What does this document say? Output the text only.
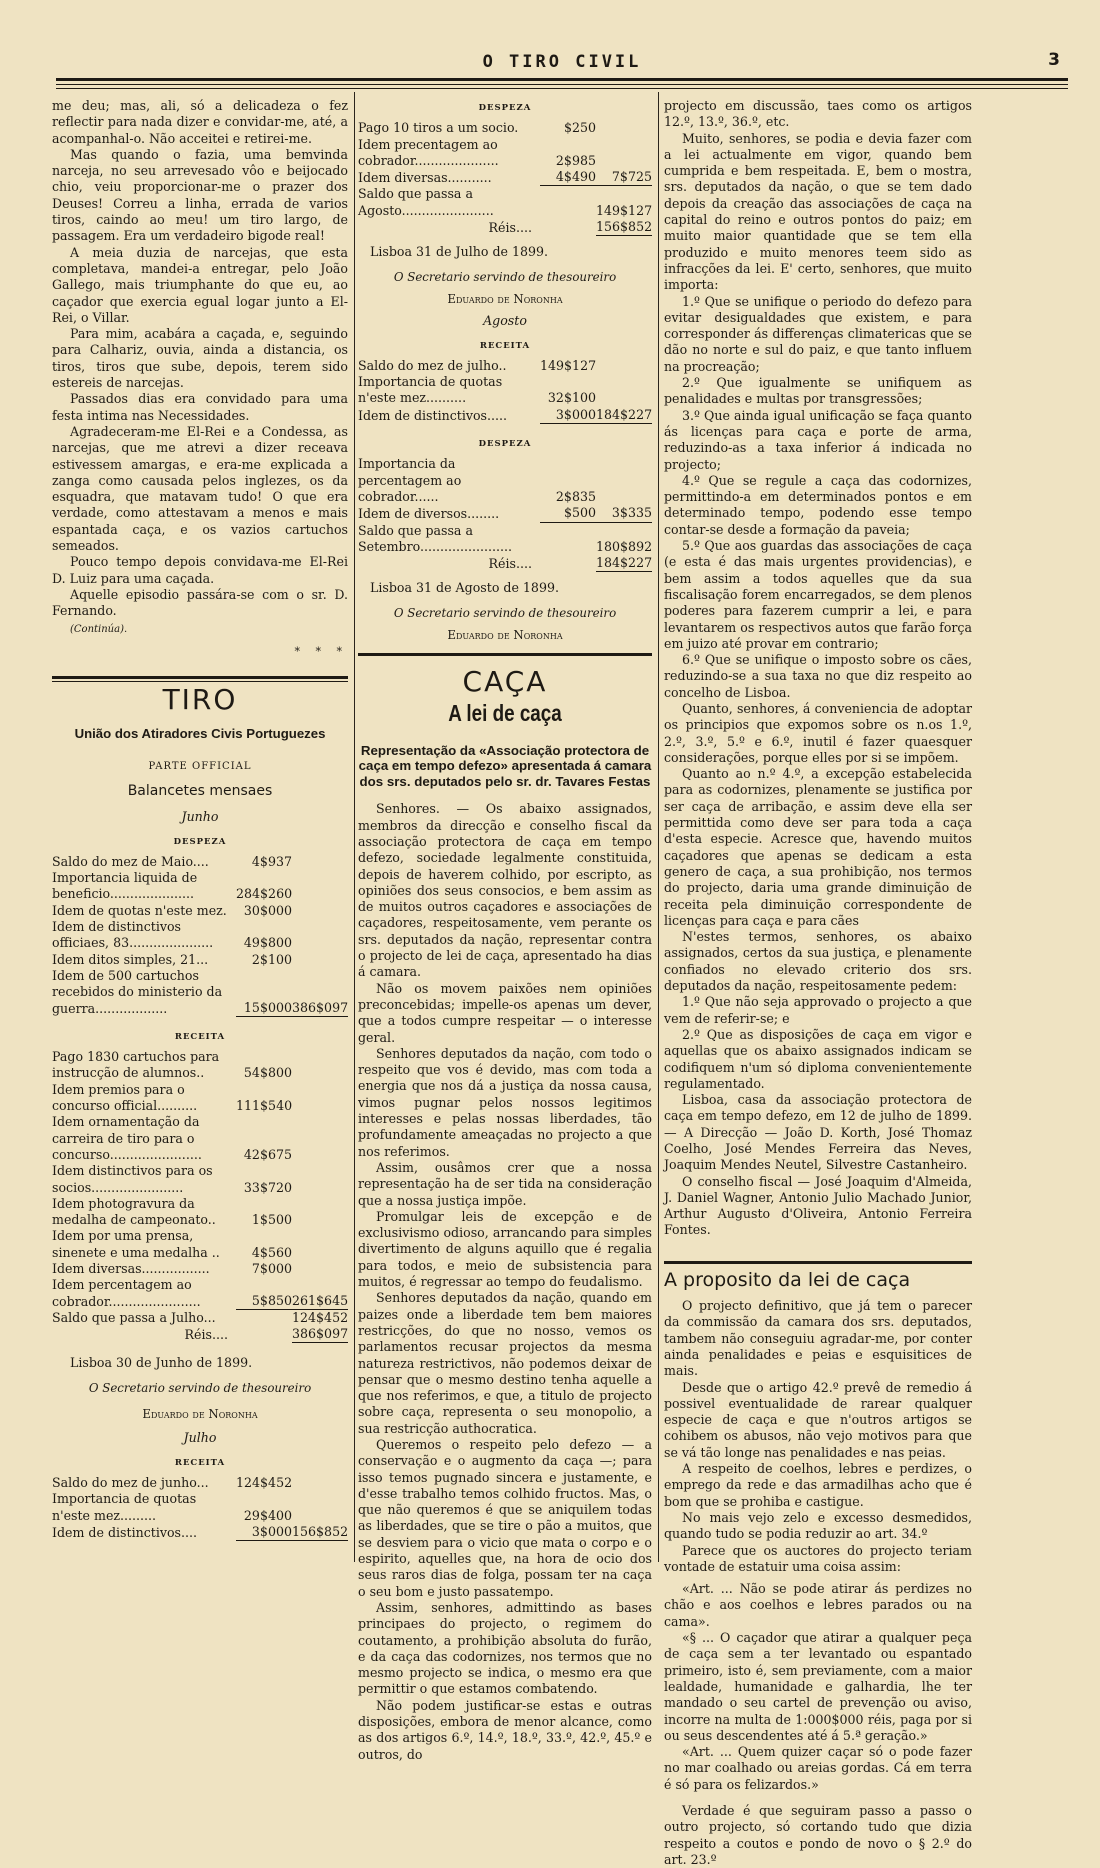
O TIRO CIVIL	3

me deu; mas, ali, só a delicadeza o fez reflectir para nada dizer e convidar-me, até, a acompanhal-o. Não acceitei e retirei-me.

Mas quando o fazia, uma bemvinda narceja, no seu arrevesado vôo e beijocado chio, veiu proporcionar-me o prazer dos Deuses! Correu a linha, errada de varios tiros, caindo ao meu! um tiro largo, de passagem. Era um verdadeiro bigode real!

A meia duzia de narcejas, que esta completava, mandei-a entregar, pelo João Gallego, mais triumphante do que eu, ao caçador que exercia egual logar junto a El-Rei, o Villar.

Para mim, acabára a caçada, e, seguindo para Calhariz, ouvia, ainda a distancia, os tiros, tiros que sube, depois, terem sido estereis de narcejas.

Passados dias era convidado para uma festa intima nas Necessidades.

Agradeceram-me El-Rei e a Condessa, as narcejas, que me atrevi a dizer receava estivessem amargas, e era-me explicada a zanga como causada pelos inglezes, os da esquadra, que matavam tudo! O que era verdade, como attestavam a menos e mais espantada caça, e os vazios cartuchos semeados.

Pouco tempo depois convidava-me El-Rei D. Luiz para uma caçada.

Aquelle episodio passára-se com o sr. D. Fernando.

(Continúa).

* * *
TIRO
União dos Atiradores Civis Portuguezes
PARTE OFFICIAL
Balancetes mensaes
Junho
DESPEZA
Saldo do mez de Maio....	4$937
Importancia liquida de beneficio.....................	284$260
Idem de quotas n'este mez.	30$000
Idem de distinctivos officiaes, 83.....................	49$800
Idem ditos simples, 21...	2$100
Idem de 500 cartuchos recebidos do ministerio da guerra..................	15$000 386$097
RECEITA
Pago 1830 cartuchos para instrucção de alumnos..	54$800
Idem premios para o concurso official..........	111$540
Idem ornamentação da carreira de tiro para o concurso.......................	42$675
Idem distinctivos para os socios.......................	33$720
Idem photogravura da medalha de campeonato..	1$500
Idem por uma prensa, sinenete e uma medalha ..	4$560
Idem diversas.................	7$000
Idem percentagem ao cobrador.......................	5$850 261$645
Saldo que passa a Julho...	124$452
Réis....	386$097

Lisboa 30 de Junho de 1899.

O Secretario servindo de thesoureiro
Eduardo de Noronha
Julho
RECEITA
Saldo do mez de junho...	124$452
Importancia de quotas n'este mez.........	29$400
Idem de distinctivos....	3$000 156$852
DESPEZA
Pago 10 tiros a um socio.	$250
Idem precentagem ao cobrador.....................	2$985
Idem diversas...........	4$490	7$725
Saldo que passa a Agosto.......................	149$127
Réis....	156$852

Lisboa 31 de Julho de 1899.

O Secretario servindo de thesoureiro
Eduardo de Noronha
Agosto
RECEITA
Saldo do mez de julho..	149$127
Importancia de quotas n'este mez..........	32$100
Idem de distinctivos.....	3$000 184$227
DESPEZA
Importancia da percentagem ao cobrador......	2$835
Idem de diversos........	$500	3$335
Saldo que passa a Setembro.......................	180$892
Réis....	184$227

Lisboa 31 de Agosto de 1899.

O Secretario servindo de thesoureiro
Eduardo de Noronha
CAÇA
A lei de caça
Representação da «Associação protectora de caça em tempo defezo» apresentada á camara dos srs. deputados pelo sr. dr. Tavares Festas

Senhores. — Os abaixo assignados, membros da direcção e conselho fiscal da associação protectora de caça em tempo defezo, sociedade legalmente constituida, depois de haverem colhido, por escripto, as opiniões dos seus consocios, e bem assim as de muitos outros caçadores e associações de caçadores, respeitosamente, vem perante os srs. deputados da nação, representar contra o projecto de lei de caça, apresentado ha dias á camara.

Não os movem paixões nem opiniões preconcebidas; impelle-os apenas um dever, que a todos cumpre respeitar — o interesse geral.

Senhores deputados da nação, com todo o respeito que vos é devido, mas com toda a energia que nos dá a justiça da nossa causa, vimos pugnar pelos nossos legitimos interesses e pelas nossas liberdades, tão profundamente ameaçadas no projecto a que nos referimos.

Assim, ousâmos crer que a nossa representação ha de ser tida na consideração que a nossa justiça impõe.

Promulgar leis de excepção e de exclusivismo odioso, arrancando para simples divertimento de alguns aquillo que é regalia para todos, e meio de subsistencia para muitos, é regressar ao tempo do feudalismo.

Senhores deputados da nação, quando em paizes onde a liberdade tem bem maiores restricções, do que no nosso, vemos os parlamentos recusar projectos da mesma natureza restrictivos, não podemos deixar de pensar que o mesmo destino tenha aquelle a que nos referimos, e que, a titulo de projecto sobre caça, representa o seu monopolio, a sua restricção authocratica.

Queremos o respeito pelo defezo — a conservação e o augmento da caça —; para isso temos pugnado sincera e justamente, e d'esse trabalho temos colhido fructos. Mas, o que não queremos é que se aniquilem todas as liberdades, que se tire o pão a muitos, que se desviem para o vicio que mata o corpo e o espirito, aquelles que, na hora de ocio dos seus raros dias de folga, possam ter na caça o seu bom e justo passatempo.

Assim, senhores, admittindo as bases principaes do projecto, o regimem do coutamento, a prohibição absoluta do furão, e da caça das codornizes, nos termos que no mesmo projecto se indica, o mesmo era que permittir o que estamos combatendo.

Não podem justificar-se estas e outras disposições, embora de menor alcance, como as dos artigos 6.º, 14.º, 18.º, 33.º, 42.º, 45.º e outros, do

projecto em discussão, taes como os artigos 12.º, 13.º, 36.º, etc.

Muito, senhores, se podia e devia fazer com a lei actualmente em vigor, quando bem cumprida e bem respeitada. E, bem o mostra, srs. deputados da nação, o que se tem dado depois da creação das associações de caça na capital do reino e outros pontos do paiz; em muito maior quantidade que se tem ella produzido e muito menores teem sido as infracções da lei. E' certo, senhores, que muito importa:

1.º Que se unifique o periodo do defezo para evitar desigualdades que existem, e para corresponder ás differenças climatericas que se dão no norte e sul do paiz, e que tanto influem na procreação;

2.º Que igualmente se unifiquem as penalidades e multas por transgressões;

3.º Que ainda igual unificação se faça quanto ás licenças para caça e porte de arma, reduzindo-as a taxa inferior á indicada no projecto;

4.º Que se regule a caça das codornizes, permittindo-a em determinados pontos e em determinado tempo, podendo esse tempo contar-se desde a formação da paveia;

5.º Que aos guardas das associações de caça (e esta é das mais urgentes providencias), e bem assim a todos aquelles que da sua fiscalisação forem encarregados, se dem plenos poderes para fazerem cumprir a lei, e para levantarem os respectivos autos que farão força em juizo até provar em contrario;

6.º Que se unifique o imposto sobre os cães, reduzindo-se a sua taxa no que diz respeito ao concelho de Lisboa.

Quanto, senhores, á conveniencia de adoptar os principios que expomos sobre os n.os 1.º, 2.º, 3.º, 5.º e 6.º, inutil é fazer quaesquer considerações, porque elles por si se impõem.

Quanto ao n.º 4.º, a excepção estabelecida para as codornizes, plenamente se justifica por ser caça de arribação, e assim deve ella ser permittida como deve ser para toda a caça d'esta especie. Acresce que, havendo muitos caçadores que apenas se dedicam a esta genero de caça, a sua prohibição, nos termos do projecto, daria uma grande diminuição de receita pela diminuição correspondente de licenças para caça e para cães

N'estes termos, senhores, os abaixo assignados, certos da sua justiça, e plenamente confiados no elevado criterio dos srs. deputados da nação, respeitosamente pedem:

1.º Que não seja approvado o projecto a que vem de referir-se; e

2.º Que as disposições de caça em vigor e aquellas que os abaixo assignados indicam se codifiquem n'um só diploma convenientemente regulamentado.

Lisboa, casa da associação protectora de caça em tempo defezo, em 12 de julho de 1899. — A Direcção — João D. Korth, José Thomaz Coelho, José Mendes Ferreira das Neves, Joaquim Mendes Neutel, Silvestre Castanheiro.

O conselho fiscal — José Joaquim d'Almeida, J. Daniel Wagner, Antonio Julio Machado Junior, Arthur Augusto d'Oliveira, Antonio Ferreira Fontes.

A proposito da lei de caça

O projecto definitivo, que já tem o parecer da commissão da camara dos srs. deputados, tambem não conseguiu agradar-me, por conter ainda penalidades e peias e esquisitices de mais.

Desde que o artigo 42.º prevê de remedio á possivel eventualidade de rarear qualquer especie de caça e que n'outros artigos se cohibem os abusos, não vejo motivos para que se vá tão longe nas penalidades e nas peias.

A respeito de coelhos, lebres e perdizes, o emprego da rede e das armadilhas acho que é bom que se prohiba e castigue.

No mais vejo zelo e excesso desmedidos, quando tudo se podia reduzir ao art. 34.º

Parece que os auctores do projecto teriam vontade de estatuir uma coisa assim:

«Art. ... Não se pode atirar ás perdizes no chão e aos coelhos e lebres parados ou na cama».

«§ ... O caçador que atirar a qualquer peça de caça sem a ter levantado ou espantado primeiro, isto é, sem previamente, com a maior lealdade, humanidade e galhardia, lhe ter mandado o seu cartel de prevenção ou aviso, incorre na multa de 1:000$000 réis, paga por si ou seus descendentes até á 5.ª geração.»

«Art. ... Quem quizer caçar só o pode fazer no mar coalhado ou areias gordas. Cá em terra é só para os felizardos.»

Verdade é que seguiram passo a passo o outro projecto, só cortando tudo que dizia respeito a coutos e pondo de novo o § 2.º do art. 23.º
